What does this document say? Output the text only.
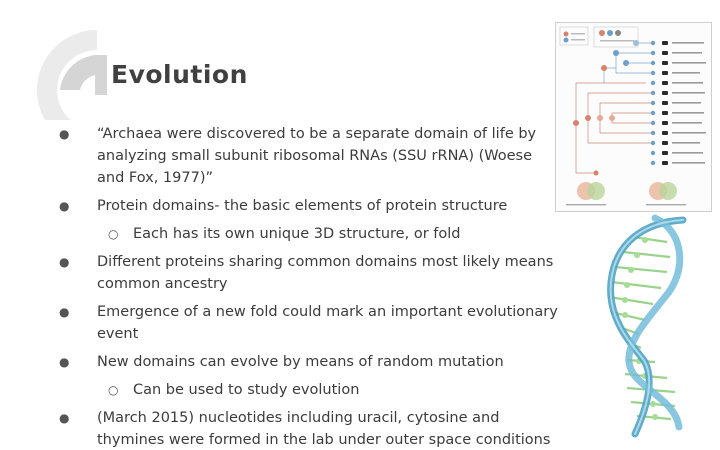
Evolution
● “Archaea were discovered to be a separate domain of life by analyzing small subunit ribosomal RNAs (SSU rRNA) (Woese and Fox, 1977)”
● Protein domains- the basic elements of protein structure
○ Each has its own unique 3D structure, or fold
● Different proteins sharing common domains most likely means common ancestry
● Emergence of a new fold could mark an important evolutionary event
● New domains can evolve by means of random mutation
○ Can be used to study evolution
● (March 2015) nucleotides including uracil, cytosine and thymines were formed in the lab under outer space conditions
